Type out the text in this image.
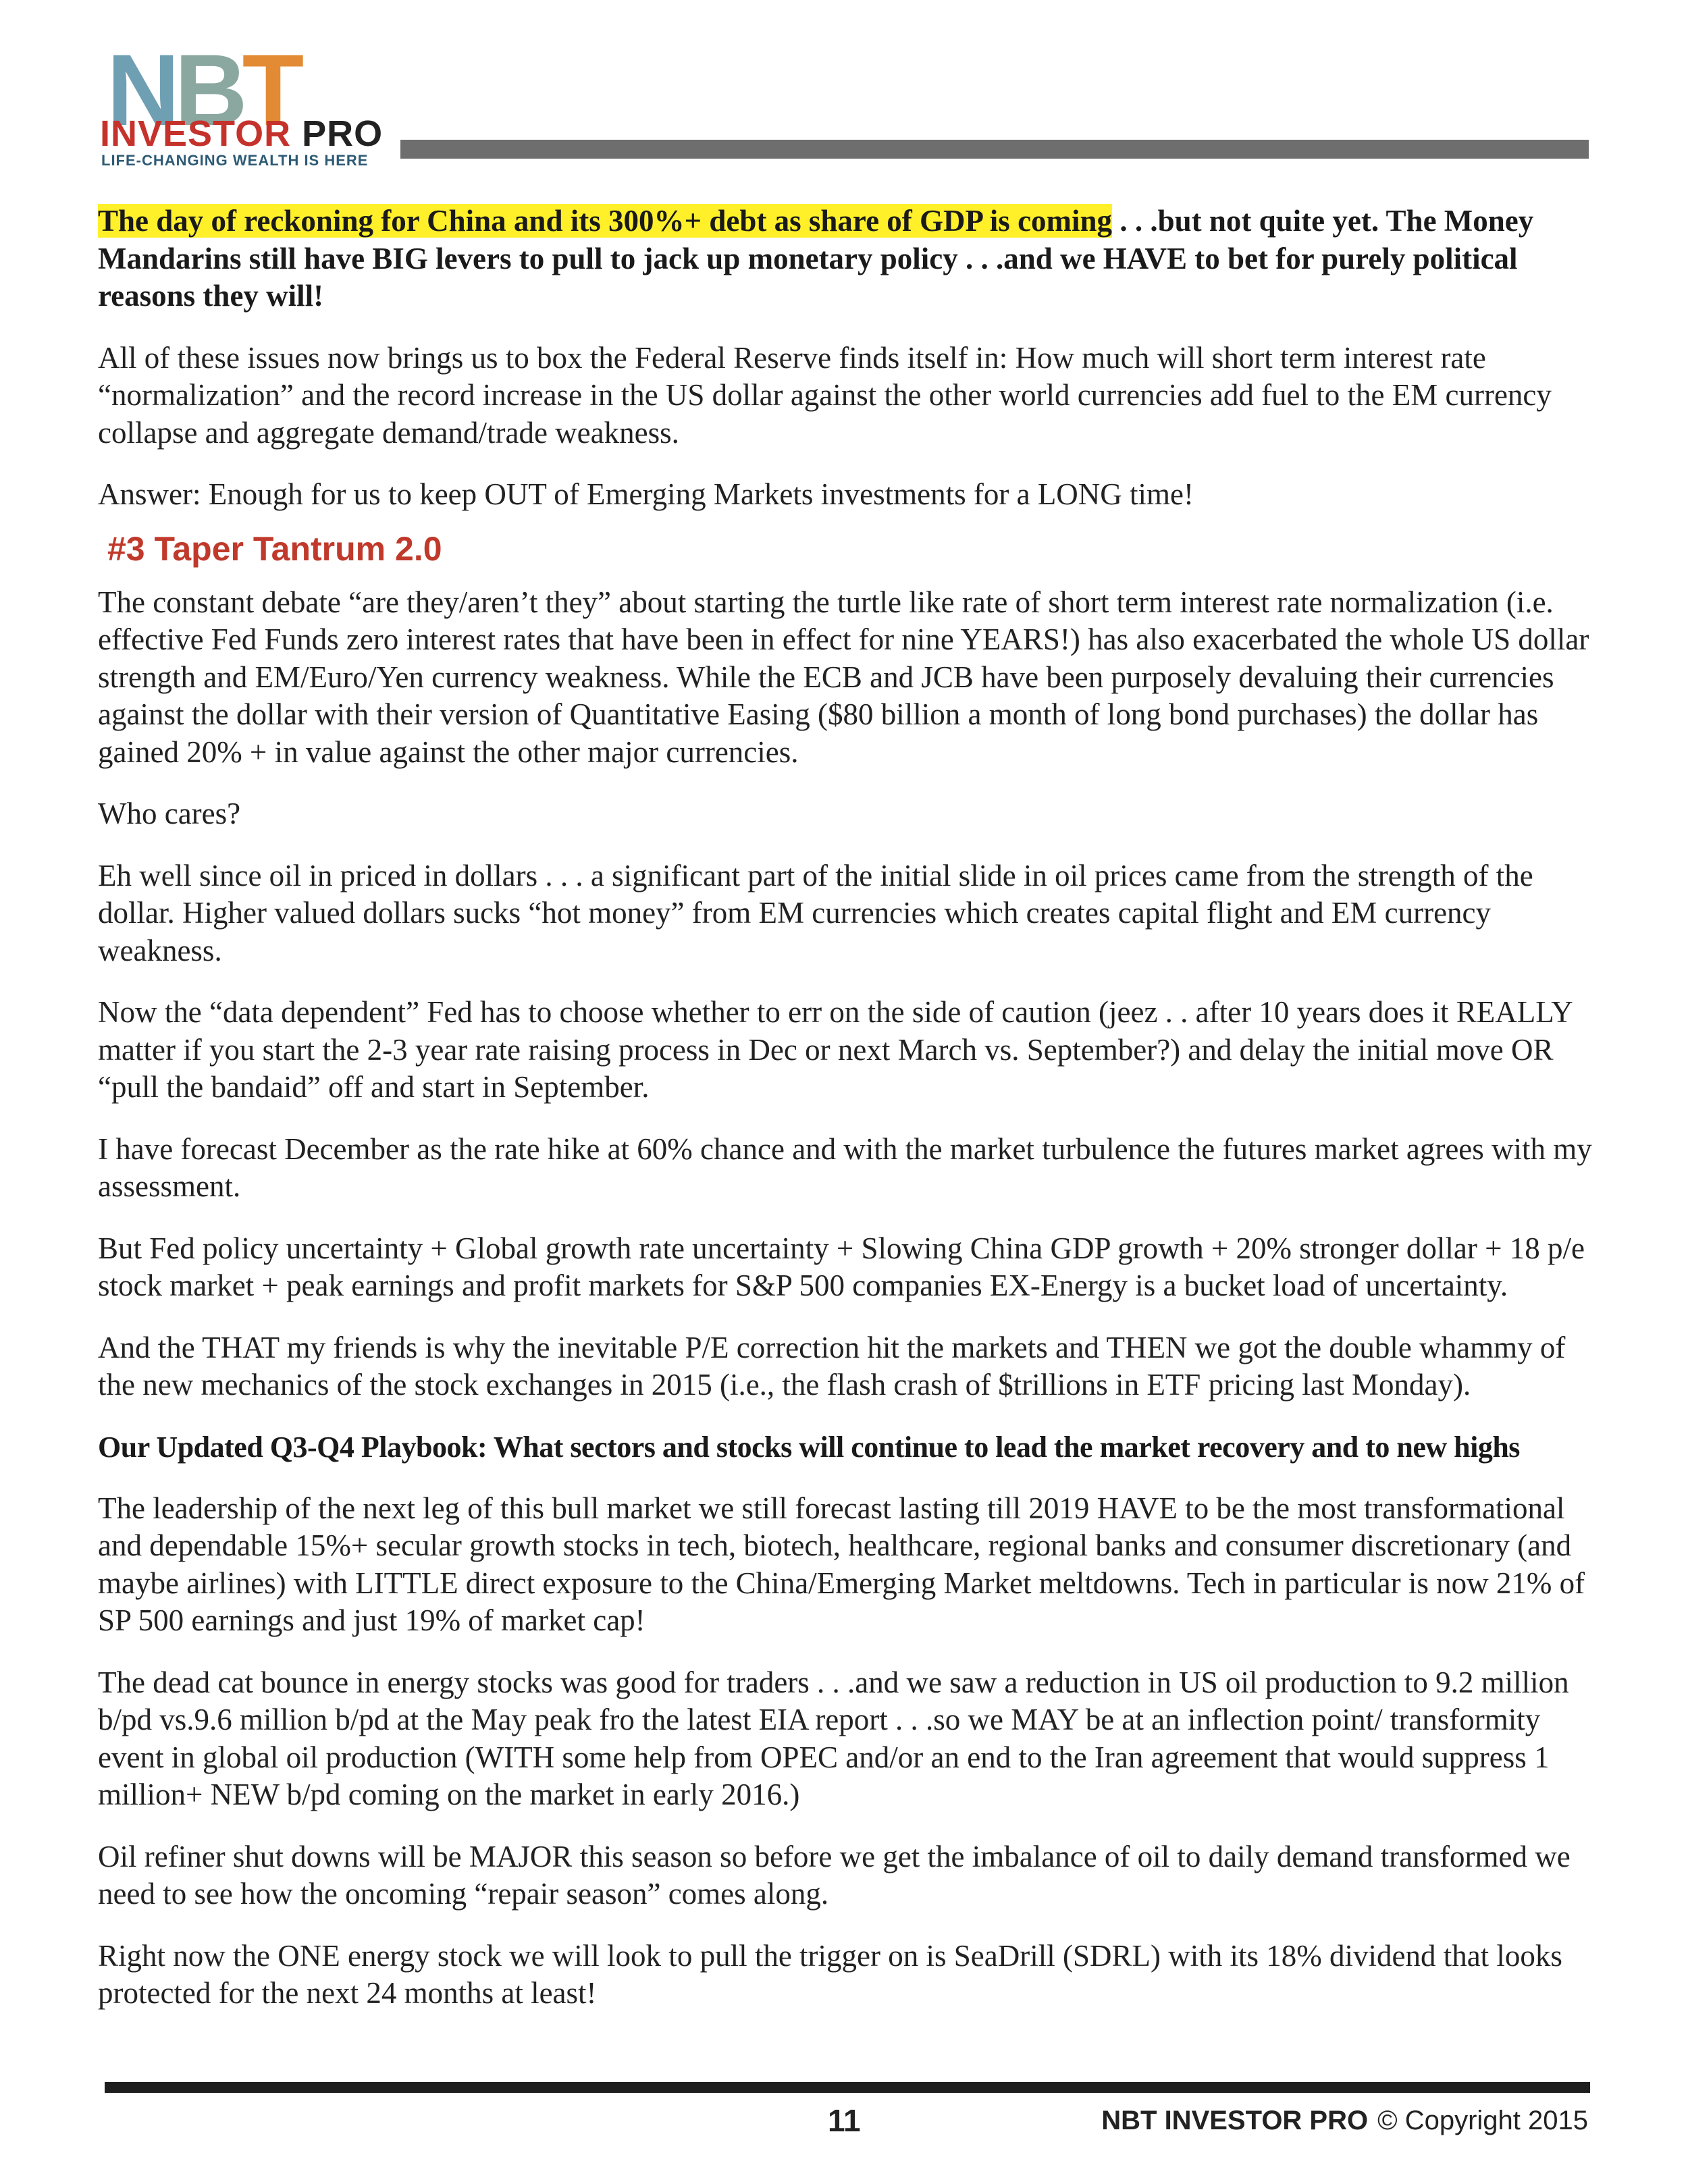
NBT
INVESTOR PRO
LIFE-CHANGING WEALTH IS HERE

The day of reckoning for China and its 300%+ debt as share of GDP is coming . . .but not quite yet. The Money Mandarins still have BIG levers to pull to jack up monetary policy . . .and we HAVE to bet for purely political reasons they will!

All of these issues now brings us to box the Federal Reserve finds itself in: How much will short term interest rate “normalization” and the record increase in the US dollar against the other world currencies add fuel to the EM currency collapse and aggregate demand/trade weakness.

Answer: Enough for us to keep OUT of Emerging Markets investments for a LONG time!

#3 Taper Tantrum 2.0

The constant debate “are they/aren’t they” about starting the turtle like rate of short term interest rate normalization (i.e. effective Fed Funds zero interest rates that have been in effect for nine YEARS!) has also exacerbated the whole US dollar strength and EM/Euro/Yen currency weakness. While the ECB and JCB have been purposely devaluing their currencies against the dollar with their version of Quantitative Easing ($80 billion a month of long bond purchases) the dollar has gained 20% + in value against the other major currencies.

Who cares?

Eh well since oil in priced in dollars . . . a significant part of the initial slide in oil prices came from the strength of the dollar. Higher valued dollars sucks “hot money” from EM currencies which creates capital flight and EM currency weakness.

Now the “data dependent” Fed has to choose whether to err on the side of caution (jeez . . after 10 years does it REALLY matter if you start the 2-3 year rate raising process in Dec or next March vs. September?) and delay the initial move OR “pull the bandaid” off and start in September.

I have forecast December as the rate hike at 60% chance and with the market turbulence the futures market agrees with my assessment.

But Fed policy uncertainty + Global growth rate uncertainty + Slowing China GDP growth + 20% stronger dollar + 18 p/e stock market + peak earnings and profit markets for S&P 500 companies EX-Energy is a bucket load of uncertainty.

And the THAT my friends is why the inevitable P/E correction hit the markets and THEN we got the double whammy of the new mechanics of the stock exchanges in 2015 (i.e., the flash crash of $trillions in ETF pricing last Monday).

Our Updated Q3-Q4 Playbook: What sectors and stocks will continue to lead the market recovery and to new highs

The leadership of the next leg of this bull market we still forecast lasting till 2019 HAVE to be the most transformational and dependable 15%+ secular growth stocks in tech, biotech, healthcare, regional banks and consumer discretionary (and maybe airlines) with LITTLE direct exposure to the China/Emerging Market meltdowns. Tech in particular is now 21% of SP 500 earnings and just 19% of market cap!

The dead cat bounce in energy stocks was good for traders . . .and we saw a reduction in US oil production to 9.2 million b/pd vs.9.6 million b/pd at the May peak fro the latest EIA report . . .so we MAY be at an inflection point/ transformity event in global oil production (WITH some help from OPEC and/or an end to the Iran agreement that would suppress 1 million+ NEW b/pd coming on the market in early 2016.)

Oil refiner shut downs will be MAJOR this season so before we get the imbalance of oil to daily demand transformed we need to see how the oncoming “repair season” comes along.

Right now the ONE energy stock we will look to pull the trigger on is SeaDrill (SDRL) with its 18% dividend that looks protected for the next 24 months at least!

11	NBT INVESTOR PRO © Copyright 2015
